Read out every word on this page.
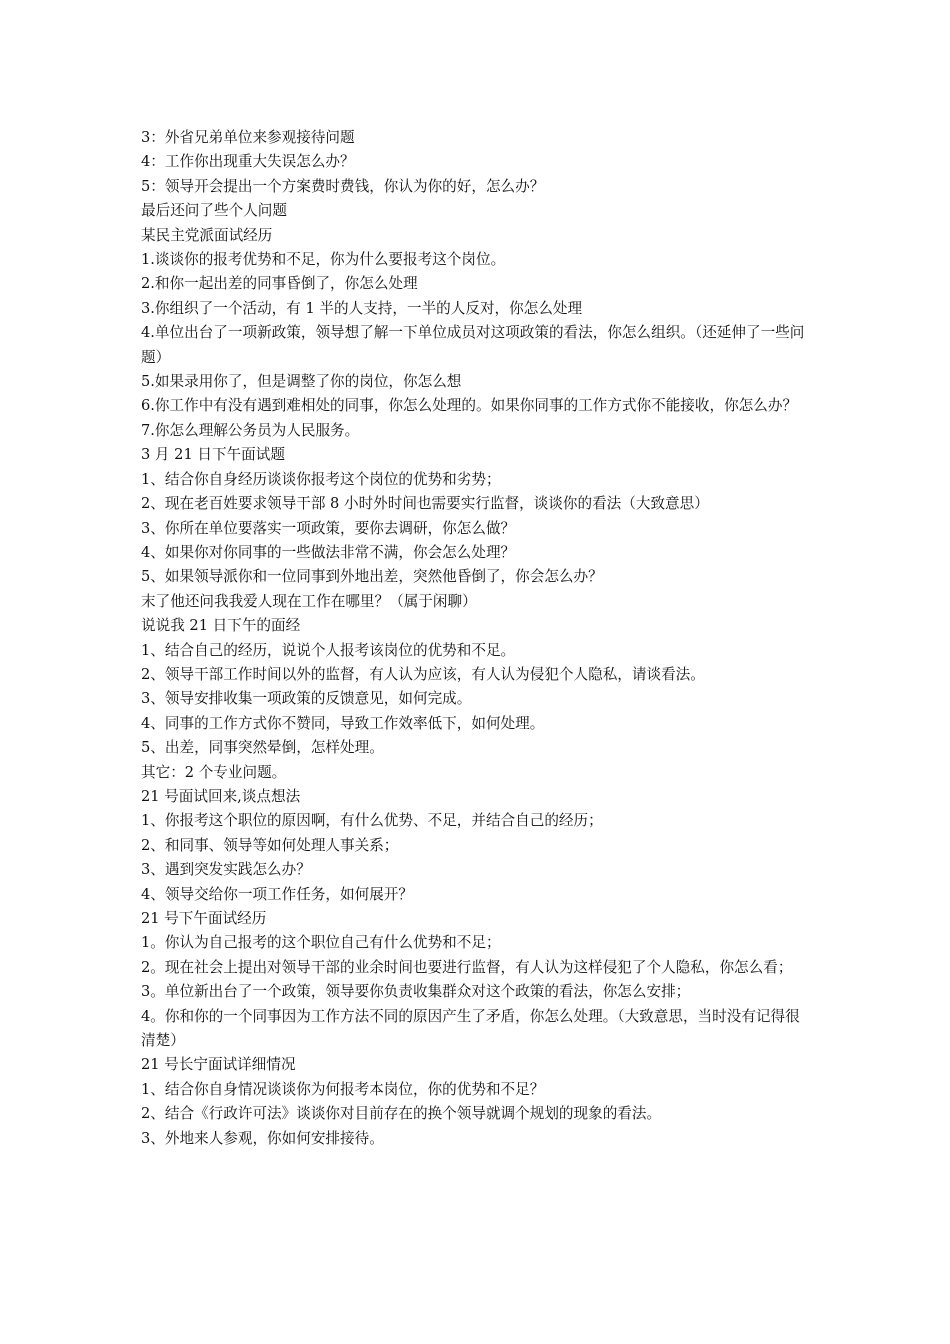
3：外省兄弟单位来参观接待问题

4：工作你出现重大失误怎么办？

5：领导开会提出一个方案费时费钱，你认为你的好，怎么办？

最后还问了些个人问题

某民主党派面试经历

1.谈谈你的报考优势和不足，你为什么要报考这个岗位。

2.和你一起出差的同事昏倒了，你怎么处理

3.你组织了一个活动，有 1 半的人支持，一半的人反对，你怎么处理

4.单位出台了一项新政策，领导想了解一下单位成员对这项政策的看法，你怎么组织。（还延伸了一些问题）

5.如果录用你了，但是调整了你的岗位，你怎么想

6.你工作中有没有遇到难相处的同事，你怎么处理的。如果你同事的工作方式你不能接收，你怎么办？

7.你怎么理解公务员为人民服务。

3 月 21 日下午面试题

1、结合你自身经历谈谈你报考这个岗位的优势和劣势；

2、现在老百姓要求领导干部 8 小时外时间也需要实行监督，谈谈你的看法（大致意思）

3、你所在单位要落实一项政策，要你去调研，你怎么做？

4、如果你对你同事的一些做法非常不满，你会怎么处理？

5、如果领导派你和一位同事到外地出差，突然他昏倒了，你会怎么办？

末了他还问我我爱人现在工作在哪里？（属于闲聊）

说说我 21 日下午的面经

1、结合自己的经历，说说个人报考该岗位的优势和不足。

2、领导干部工作时间以外的监督，有人认为应该，有人认为侵犯个人隐私，请谈看法。

3、领导安排收集一项政策的反馈意见，如何完成。

4、同事的工作方式你不赞同，导致工作效率低下，如何处理。

5、出差，同事突然晕倒，怎样处理。

其它：2 个专业问题。

21 号面试回来,谈点想法

1、你报考这个职位的原因啊，有什么优势、不足，并结合自己的经历；

2、和同事、领导等如何处理人事关系；

3、遇到突发实践怎么办？

4、领导交给你一项工作任务，如何展开？

21 号下午面试经历

1。你认为自己报考的这个职位自己有什么优势和不足；

2。现在社会上提出对领导干部的业余时间也要进行监督，有人认为这样侵犯了个人隐私，你怎么看；

3。单位新出台了一个政策，领导要你负责收集群众对这个政策的看法，你怎么安排；

4。你和你的一个同事因为工作方法不同的原因产生了矛盾，你怎么处理。（大致意思，当时没有记得很清楚）

21 号长宁面试详细情况

1、结合你自身情况谈谈你为何报考本岗位，你的优势和不足？

2、结合《行政许可法》谈谈你对目前存在的换个领导就调个规划的现象的看法。

3、外地来人参观，你如何安排接待。
